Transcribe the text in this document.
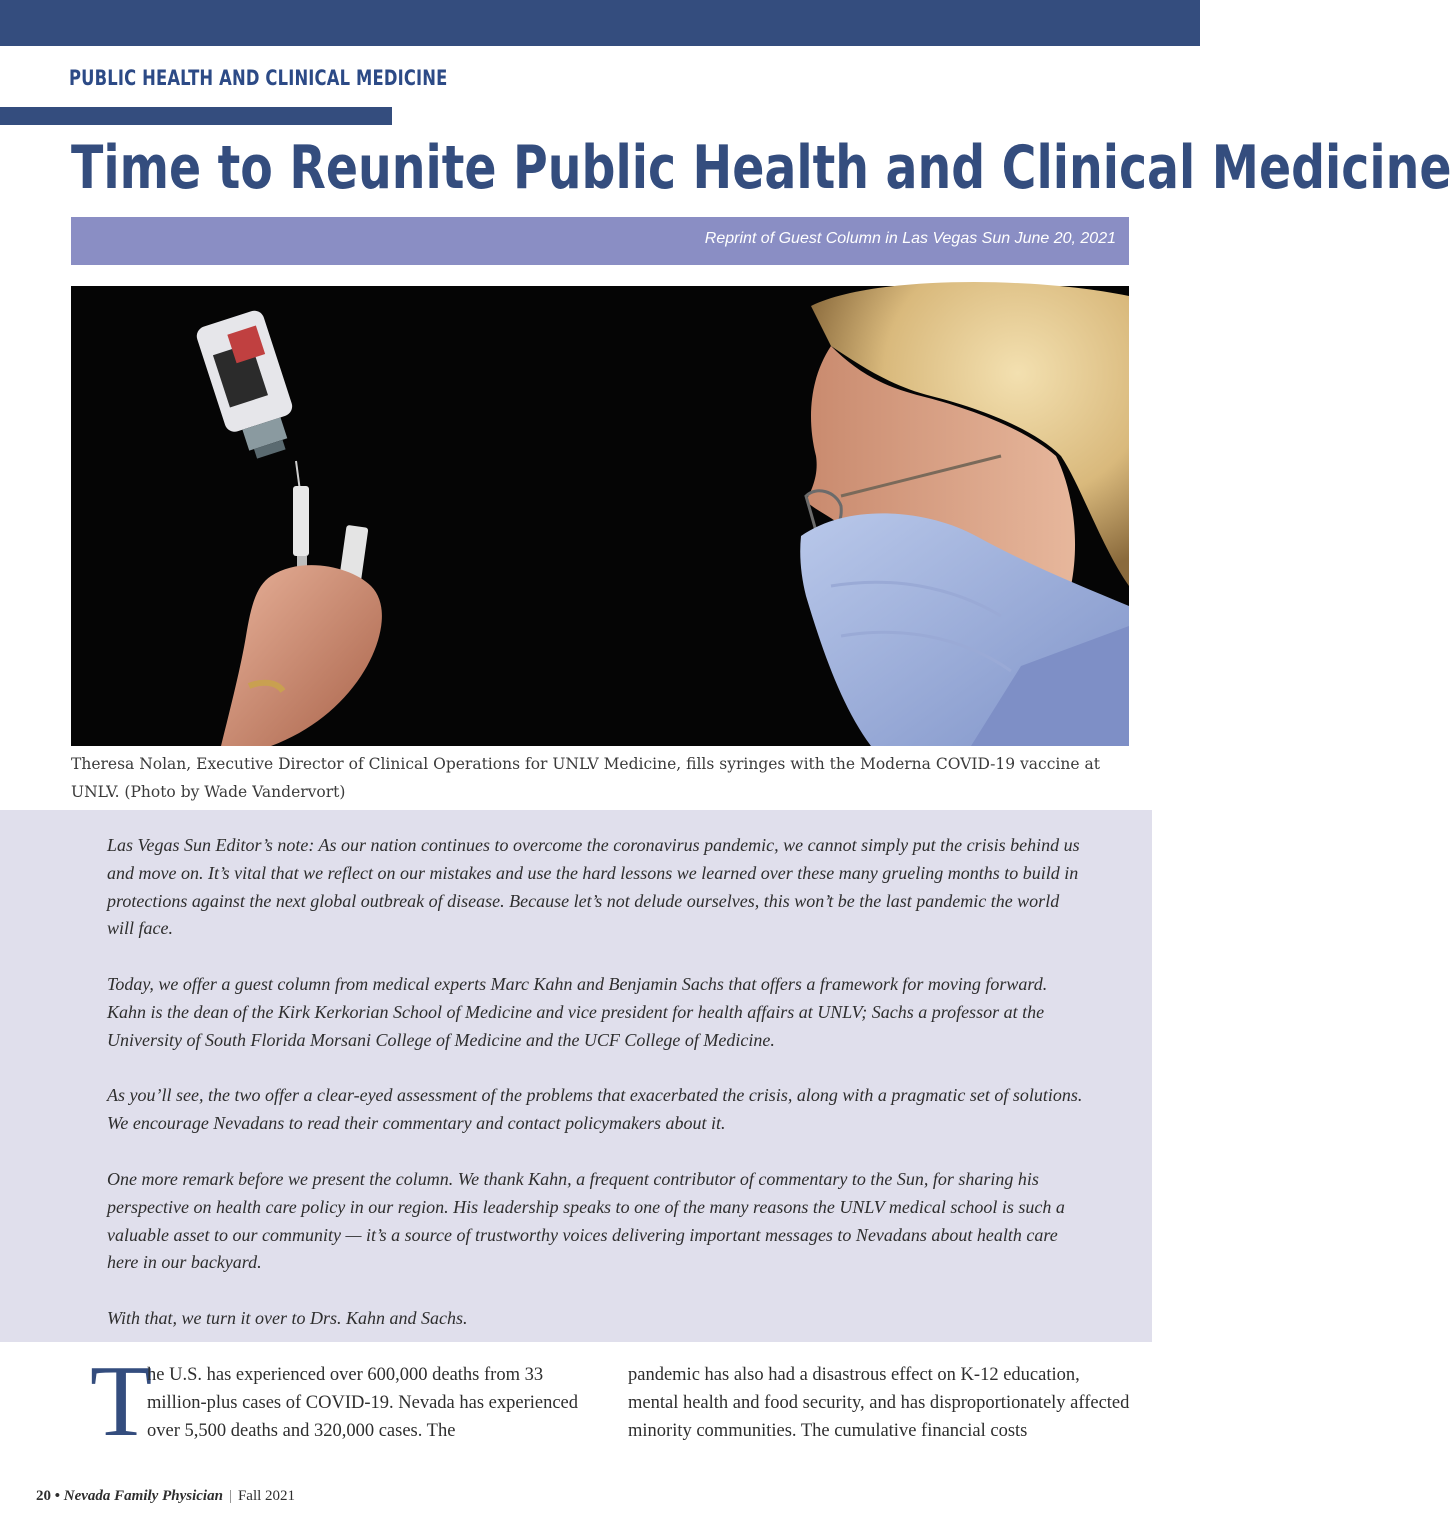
PUBLIC HEALTH AND CLINICAL MEDICINE
Time to Reunite Public Health and Clinical Medicine
Reprint of Guest Column in Las Vegas Sun June 20, 2021

Theresa Nolan, Executive Director of Clinical Operations for UNLV Medicine, fills syringes with the Moderna COVID-19 vaccine at UNLV. (Photo by Wade Vandervort)

Las Vegas Sun Editor’s note: As our nation continues to overcome the coronavirus pandemic, we cannot simply put the crisis behind us and move on. It’s vital that we reflect on our mistakes and use the hard lessons we learned over these many grueling months to build in protections against the next global outbreak of disease. Because let’s not delude ourselves, this won’t be the last pandemic the world will face.

Today, we offer a guest column from medical experts Marc Kahn and Benjamin Sachs that offers a framework for moving forward. Kahn is the dean of the Kirk Kerkorian School of Medicine and vice president for health affairs at UNLV; Sachs a professor at the University of South Florida Morsani College of Medicine and the UCF College of Medicine.

As you’ll see, the two offer a clear-eyed assessment of the problems that exacerbated the crisis, along with a pragmatic set of solutions. We encourage Nevadans to read their commentary and contact policymakers about it.

One more remark before we present the column. We thank Kahn, a frequent contributor of commentary to the Sun, for sharing his perspective on health care policy in our region. His leadership speaks to one of the many reasons the UNLV medical school is such a valuable asset to our community — it’s a source of trustworthy voices delivering important messages to Nevadans about health care here in our backyard.

With that, we turn it over to Drs. Kahn and Sachs.

T

he U.S. has experienced over 600,000 deaths from 33 million-plus cases of COVID-19. Nevada has experienced over 5,500 deaths and 320,000 cases. The

pandemic has also had a disastrous effect on K-12 education, mental health and food security, and has disproportionately affected minority communities. The cumulative financial costs

20 • Nevada Family Physician | Fall 2021
